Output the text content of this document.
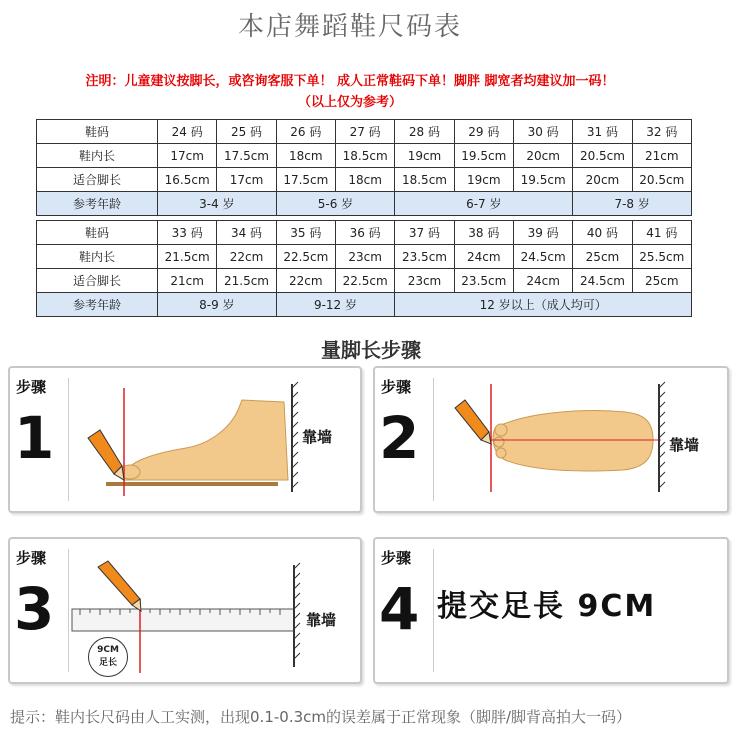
本店舞蹈鞋尺码表
注明：儿童建议按脚长，或咨询客服下单！ 成人正常鞋码下单！脚胖 脚宽者均建议加一码！
（以上仅为参考）
鞋码	24 码	25 码	26 码	27 码	28 码	29 码	30 码	31 码	32 码
鞋内长	17cm	17.5cm	18cm	18.5cm	19cm	19.5cm	20cm	20.5cm	21cm
适合脚长	16.5cm	17cm	17.5cm	18cm	18.5cm	19cm	19.5cm	20cm	20.5cm
参考年龄	3-4 岁		5-6 岁		6-7 岁			7-8 岁	
鞋码	33 码	34 码	35 码	36 码	37 码	38 码	39 码	40 码	41 码
鞋内长	21.5cm	22cm	22.5cm	23cm	23.5cm	24cm	24.5cm	25cm	25.5cm
适合脚长	21cm	21.5cm	22cm	22.5cm	23cm	23.5cm	24cm	24.5cm	25cm
参考年龄	8-9 岁		9-12 岁		12 岁以上（成人均可）				
量脚长步骤
步骤
1	靠墙
步骤
2	靠墙
步骤
3
9CM
足长
靠墙
步骤
4 提交足長 9CM
提示：鞋内长尺码由人工实测，出现0.1-0.3cm的误差属于正常现象（脚胖/脚背高拍大一码）
